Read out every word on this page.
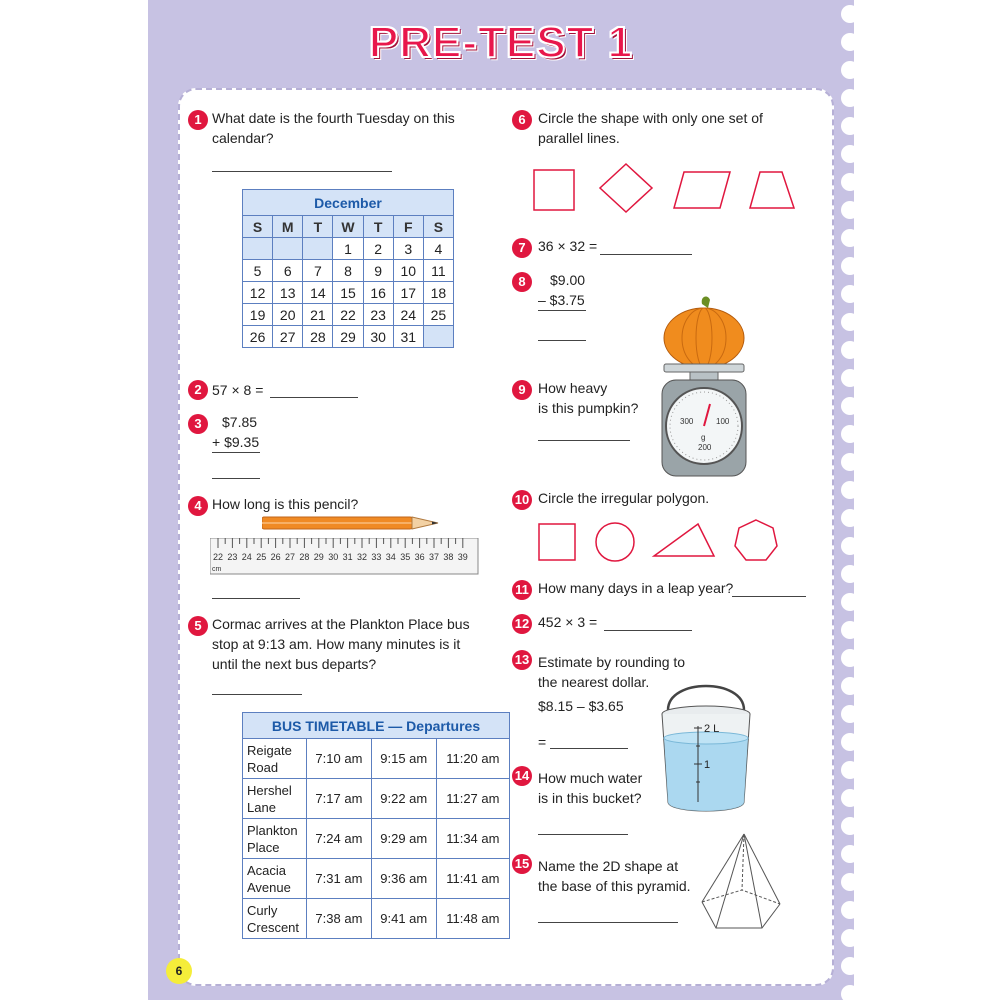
PRE-TEST 1
1 What date is the fourth Tuesday on this calendar?
December						
S	M	T	W	T	F	S
			1	2	3	4
5	6	7	8	9	10	11
12	13	14	15	16	17	18
19	20	21	22	23	24	25
26	27	28	29	30	31	
2 57 × 8 =
3	$7.85
+ $9.35
4 How long is this pencil?
22 23 24 25 26 27 28 29 30 31 32 33 34 35 36 37 38 39
cm
5 Cormac arrives at the Plankton Place bus stop at 9:13 am. How many minutes is it until the next bus departs?
BUS TIMETABLE — Departures			
Reigate
Road	7:10 am	9:15 am	11:20 am
Hershel
Lane	7:17 am	9:22 am	11:27 am
Plankton
Place	7:24 am	9:29 am	11:34 am
Acacia
Avenue	7:31 am	9:36 am	11:41 am
Curly
Crescent	7:38 am	9:41 am	11:48 am
6 Circle the shape with only one set of parallel lines.
7 36 × 32 =
8	$9.00
– $3.75
300	100
200
g
9 How heavy
is this pumpkin?
10 Circle the irregular polygon.
11 How many days in a leap year?
12 452 × 3 =
13 Estimate by rounding to
the nearest dollar.
$8.15 – $3.65
=
2 L
1
14 How much water
is in this bucket?
15 Name the 2D shape at
the base of this pyramid.
6
